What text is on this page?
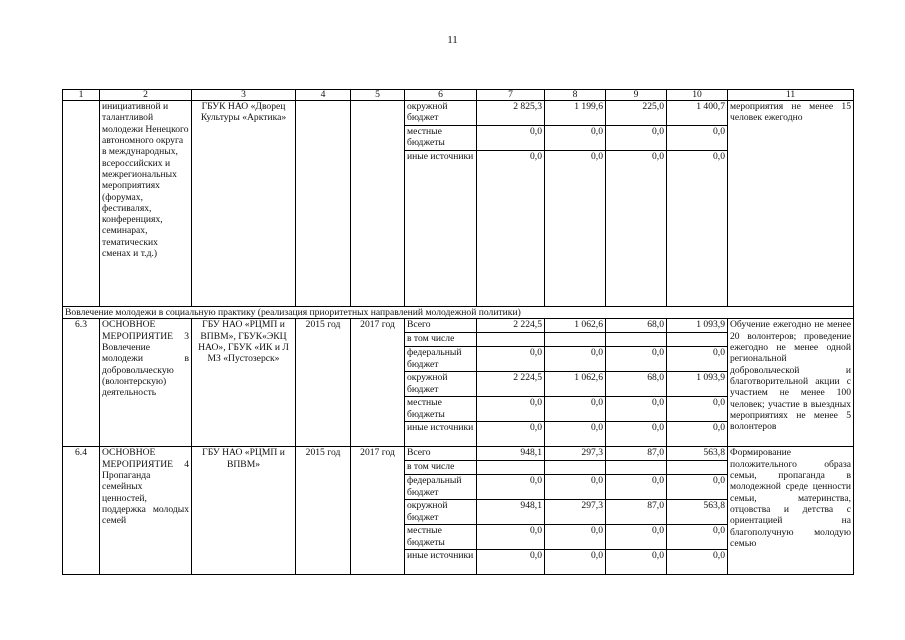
11
1	2	3	4	5	6	7	8	9	10	11
	инициативной и талантливой молодежи Ненецкого автономного округа в международных, всероссийских и межрегиональных мероприятиях (форумах, фестивалях, конференциях, семинарах, тематических сменах и т.д.)	ГБУК НАО «Дворец Культуры «Арктика»			окружной бюджет	2 825,3	1 199,6	225,0	1 400,7	мероприятия не менее 15 человек ежегодно
					местные бюджеты	0,0	0,0	0,0	0,0	
					иные источники	0,0	0,0	0,0	0,0	
Вовлечение молодежи в социальную практику (реализация приоритетных направлений молодежной политики)										
6.3	ОСНОВНОЕ МЕРОПРИЯТИЕ 3 Вовлечение молодежи в добровольческую (волонтерскую) деятельность	ГБУ НАО «РЦМП и ВПВМ», ГБУК«ЭКЦ НАО», ГБУК «ИК и Л МЗ «Пустозерск»	2015 год	2017 год	Всего	2 224,5	1 062,6	68,0	1 093,9	Обучение ежегодно не менее 20 волонтеров; проведение ежегодно не менее одной региональной добровольческой и благотворительной акции с участием не менее 100 человек; участие в выездных мероприятиях не менее 5 волонтеров
					в том числе					
					федеральный бюджет	0,0	0,0	0,0	0,0	
					окружной бюджет	2 224,5	1 062,6	68,0	1 093,9	
					местные бюджеты	0,0	0,0	0,0	0,0	
					иные источники	0,0	0,0	0,0	0,0	
6.4	ОСНОВНОЕ МЕРОПРИЯТИЕ 4 Пропаганда семейных ценностей, поддержка молодых семей	ГБУ НАО «РЦМП и ВПВМ»	2015 год	2017 год	Всего	948,1	297,3	87,0	563,8	Формирование положительного образа семьи, пропаганда в молодежной среде ценности семьи, материнства, отцовства и детства с ориентацией на благополучную молодую семью
					в том числе					
					федеральный бюджет	0,0	0,0	0,0	0,0	
					окружной бюджет	948,1	297,3	87,0	563,8	
					местные бюджеты	0,0	0,0	0,0	0,0	
					иные источники	0,0	0,0	0,0	0,0	
